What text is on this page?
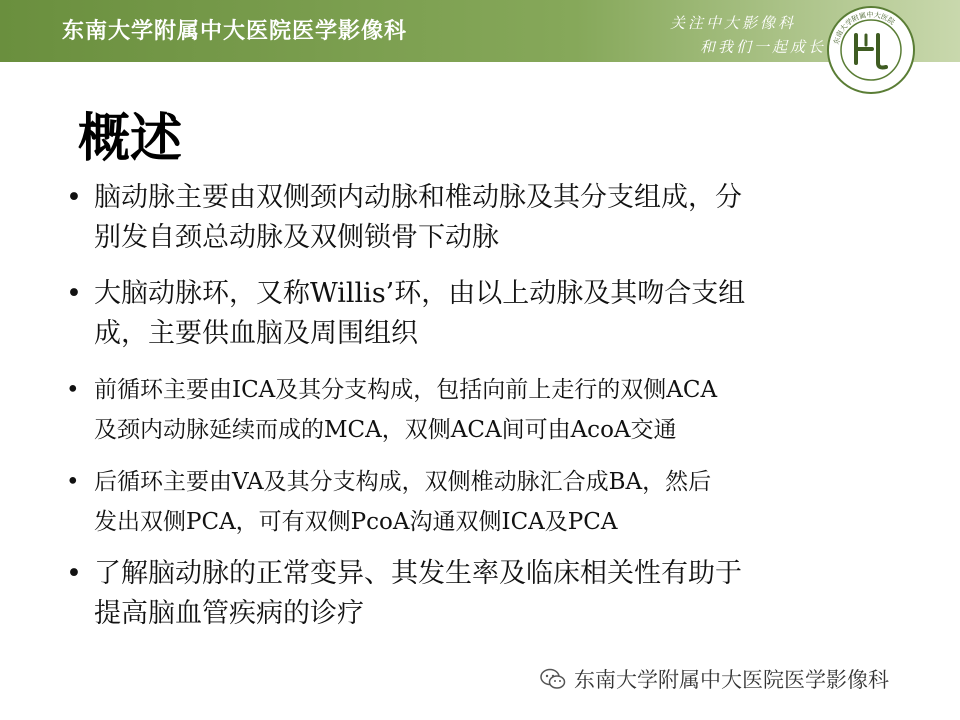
东南大学附属中大医院医学影像科	关注中大影像科
和我们一起成长 东南大学附属中大医院
概述
• 脑动脉主要由双侧颈内动脉和椎动脉及其分支组成，分
别发自颈总动脉及双侧锁骨下动脉
• 大脑动脉环，又称Willis’环，由以上动脉及其吻合支组
成，主要供血脑及周围组织
• 前循环主要由ICA及其分支构成，包括向前上走行的双侧ACA
及颈内动脉延续而成的MCA，双侧ACA间可由AcoA交通
• 后循环主要由VA及其分支构成，双侧椎动脉汇合成BA，然后
发出双侧PCA，可有双侧PcoA沟通双侧ICA及PCA
• 了解脑动脉的正常变异、其发生率及临床相关性有助于
提高脑血管疾病的诊疗
东南大学附属中大医院医学影像科
